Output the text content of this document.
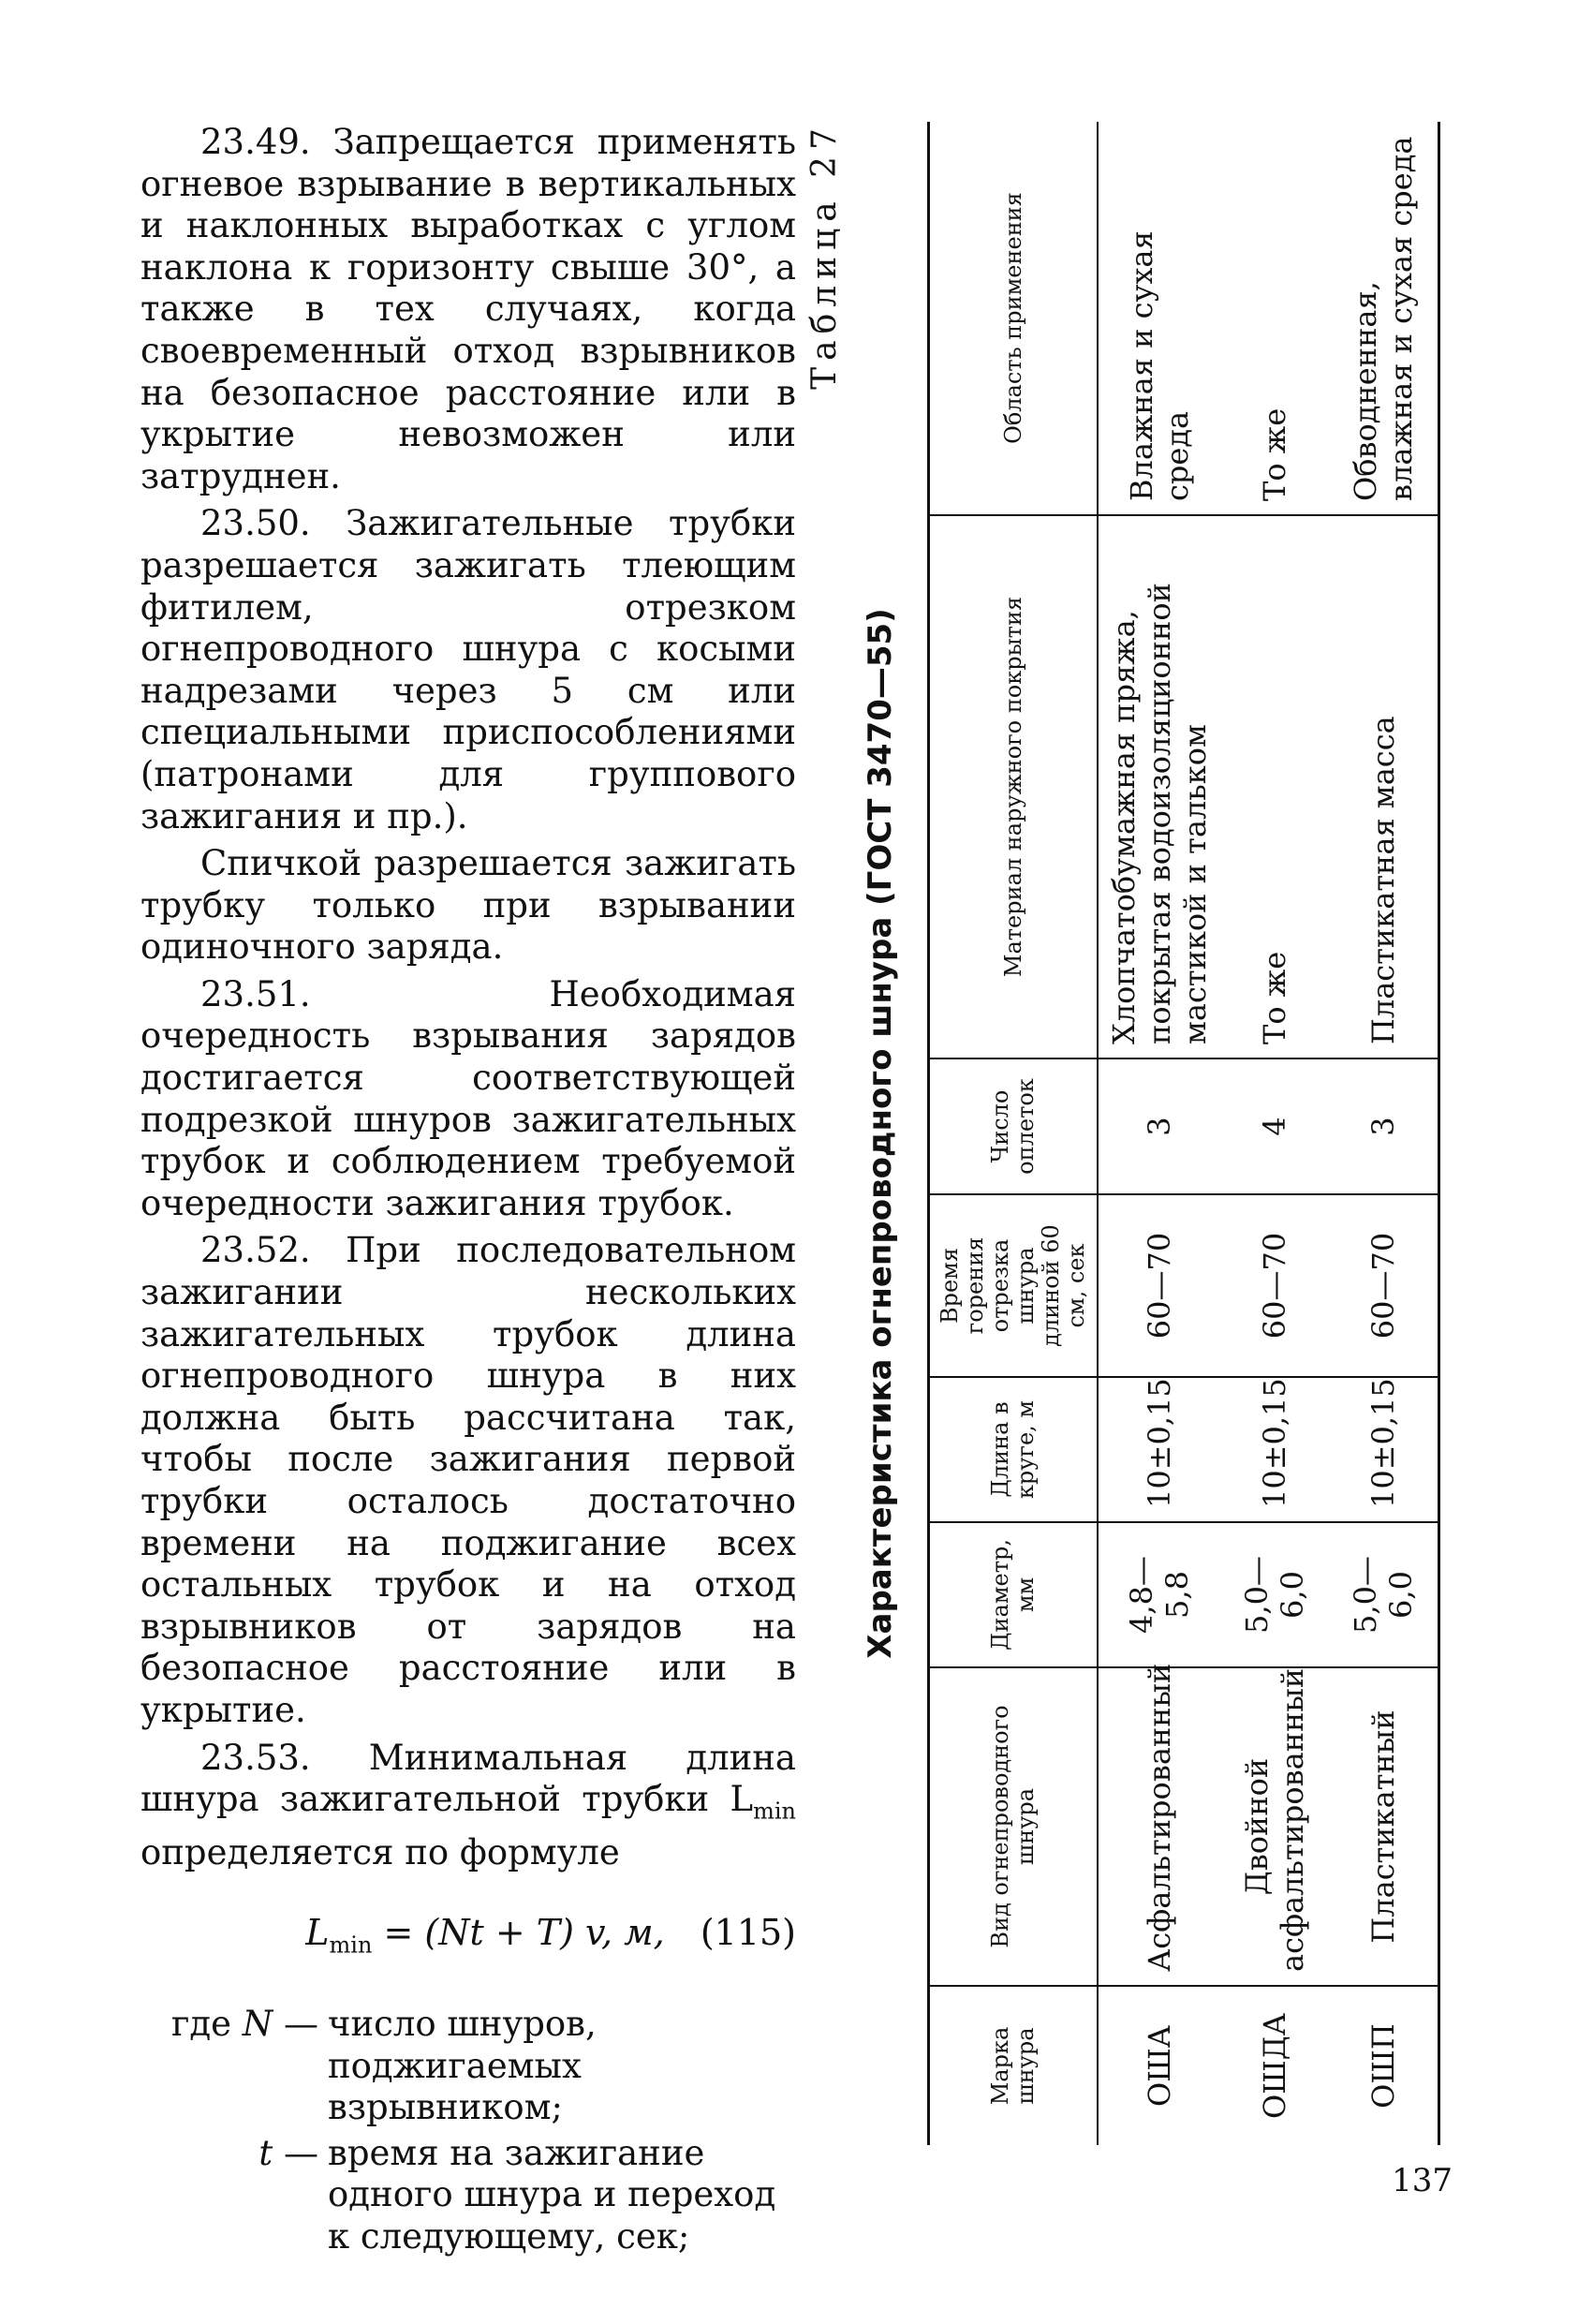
23.49. Запрещается применять огневое взрывание в вертикальных и наклонных выработках с углом наклона к горизонту свыше 30°, а также в тех случаях, когда своевременный отход взрывников на безопасное расстояние или в укрытие невозможен или затруднен.

23.50. Зажигательные трубки разрешается зажигать тлеющим фитилем, отрезком огнепроводного шнура с косыми надрезами через 5 см или специальными приспособлениями (патронами для группового зажигания и пр.).

Спичкой разрешается зажигать трубку только при взрывании одиночного заряда.

23.51. Необходимая очередность взрывания зарядов достигается соответствующей подрезкой шнуров зажигательных трубок и соблюдением требуемой очередности зажигания трубок.

23.52. При последовательном зажигании нескольких зажигательных трубок длина огнепроводного шнура в них должна быть рассчитана так, чтобы после зажигания первой трубки осталось достаточно времени на поджигание всех остальных трубок и на отход взрывников от зарядов на безопасное расстояние или в укрытие.

23.53. Минимальная длина шнура зажигательной трубки $L_{min}$ определяется по формуле

$L_{min} = (Nt + T)$ v, м, (115)
где N — число шнуров, поджигаемых взрывником;
t — время на зажигание одного шнура и переход к следующему, сек;
Таблица 27
Характеристика огнепроводного шнура (ГОСТ 3470—55)
Марка шнура	Вид огнепроводного шнура	Диаметр, мм	Длина в круге, м	Время горения отрезка шнура длиной 60 см, сек	Число оплеток	Материал наружного покрытия	Область применения
ОША	Асфальтированный	4,8—5,8	10±0,15	60—70	3	Хлопчатобумажная пряжа, покрытая водоизоляционной мастикой и тальком	Влажная и сухая среда
ОШДА	Двойной асфальтированный	5,0—6,0	10±0,15	60—70	4	То же	То же
ОШП	Пластикатный	5,0—6,0	10±0,15	60—70	3	Пластикатная масса	Обводненная, влажная и сухая среда
137
